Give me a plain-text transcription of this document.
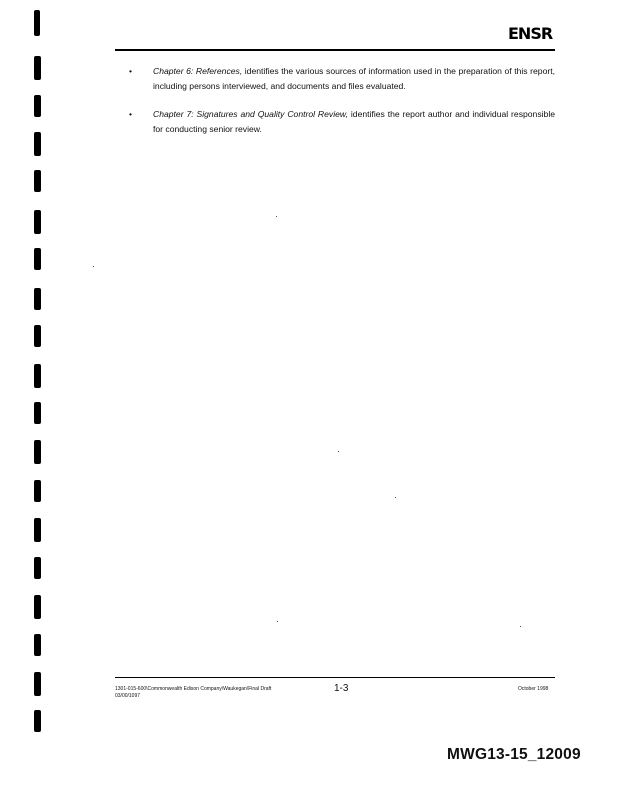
ENSR
• Chapter 6: References, identifies the various sources of information used in the preparation of this report, including persons interviewed, and documents and files evaluated.
• Chapter 7: Signatures and Quality Control Review, identifies the report author and individual responsible for conducting senior review.
1301-015-600\Commonwealth Edison Company\Waukegan\Final Draft
03/00/1097
1-3	October 1998
MWG13-15_12009
